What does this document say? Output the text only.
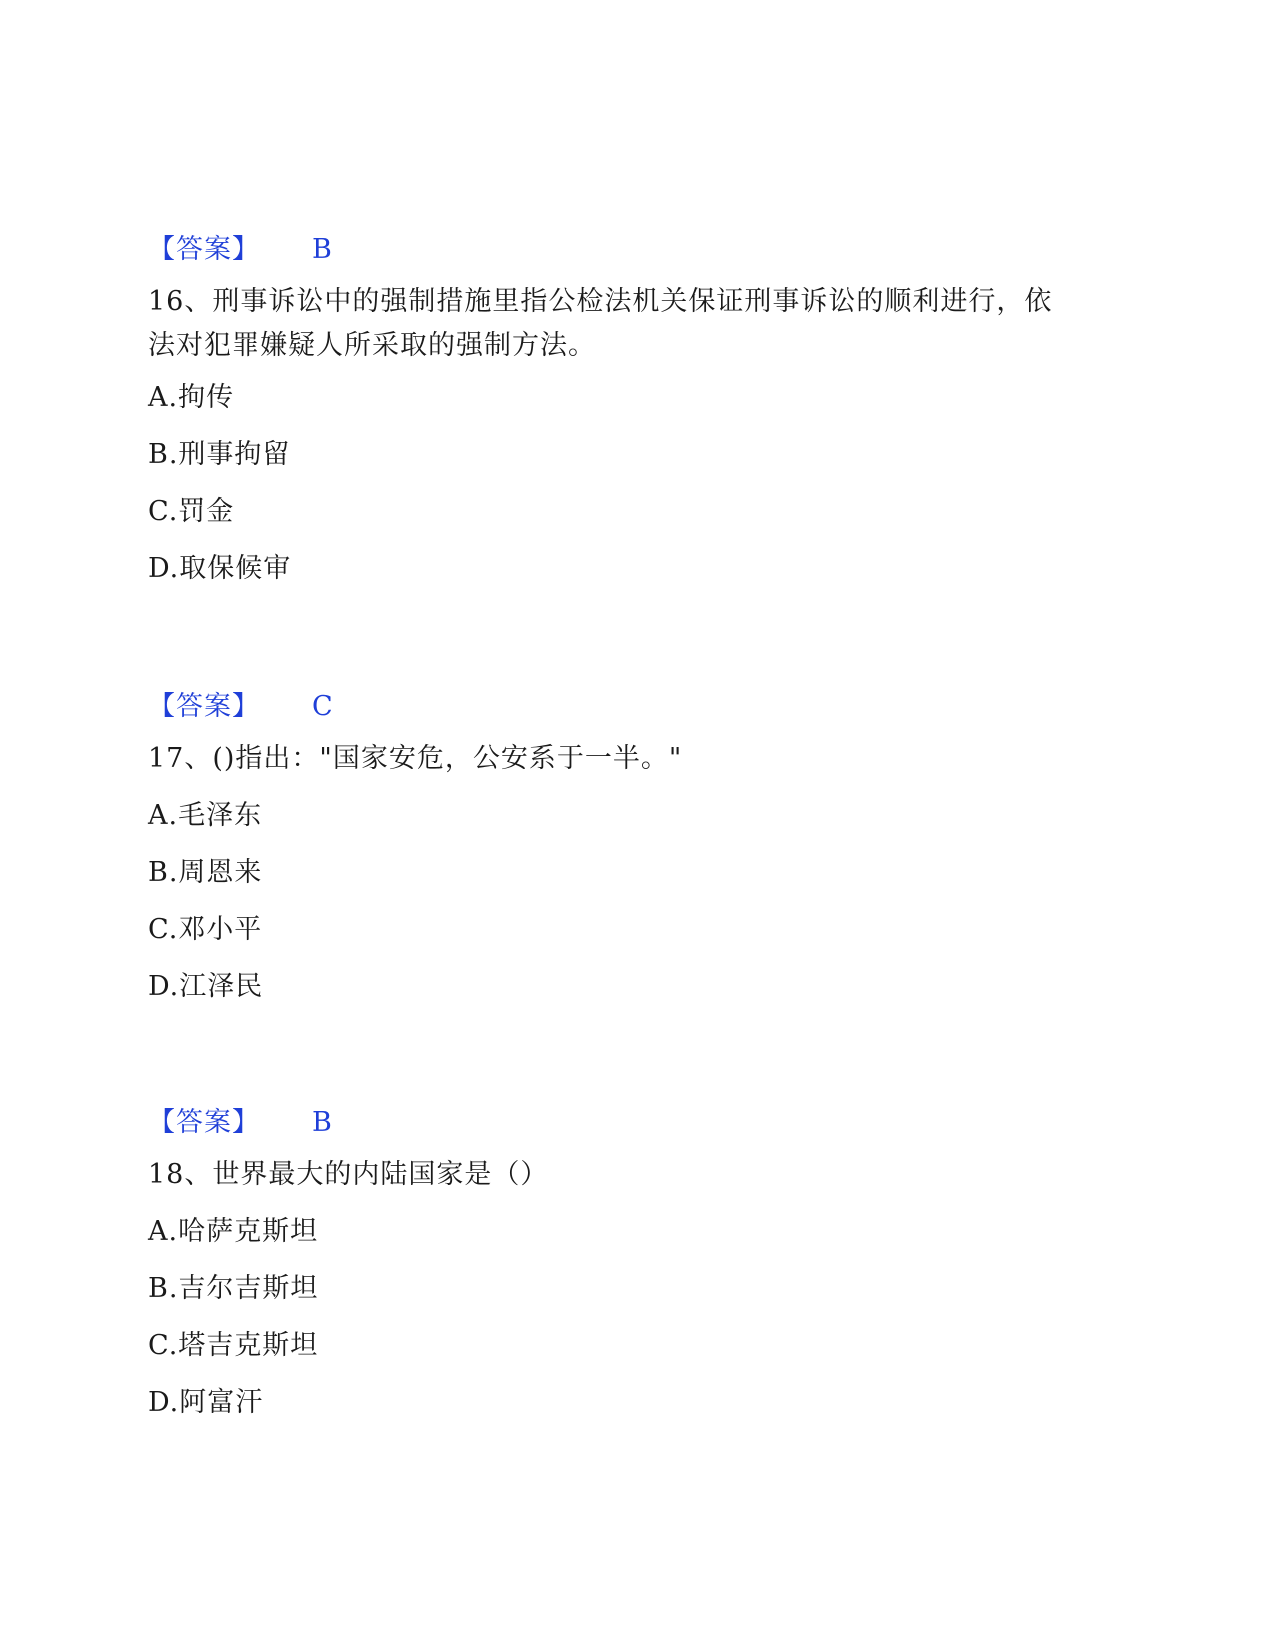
【答案】 B
16、刑事诉讼中的强制措施里指公检法机关保证刑事诉讼的顺利进行，依法对犯罪嫌疑人所采取的强制方法。
A.拘传
B.刑事拘留
C.罚金
D.取保候审
【答案】 C
17、()指出："国家安危，公安系于一半。"
A.毛泽东
B.周恩来
C.邓小平
D.江泽民
【答案】 B
18、世界最大的内陆国家是（）
A.哈萨克斯坦
B.吉尔吉斯坦
C.塔吉克斯坦
D.阿富汗
